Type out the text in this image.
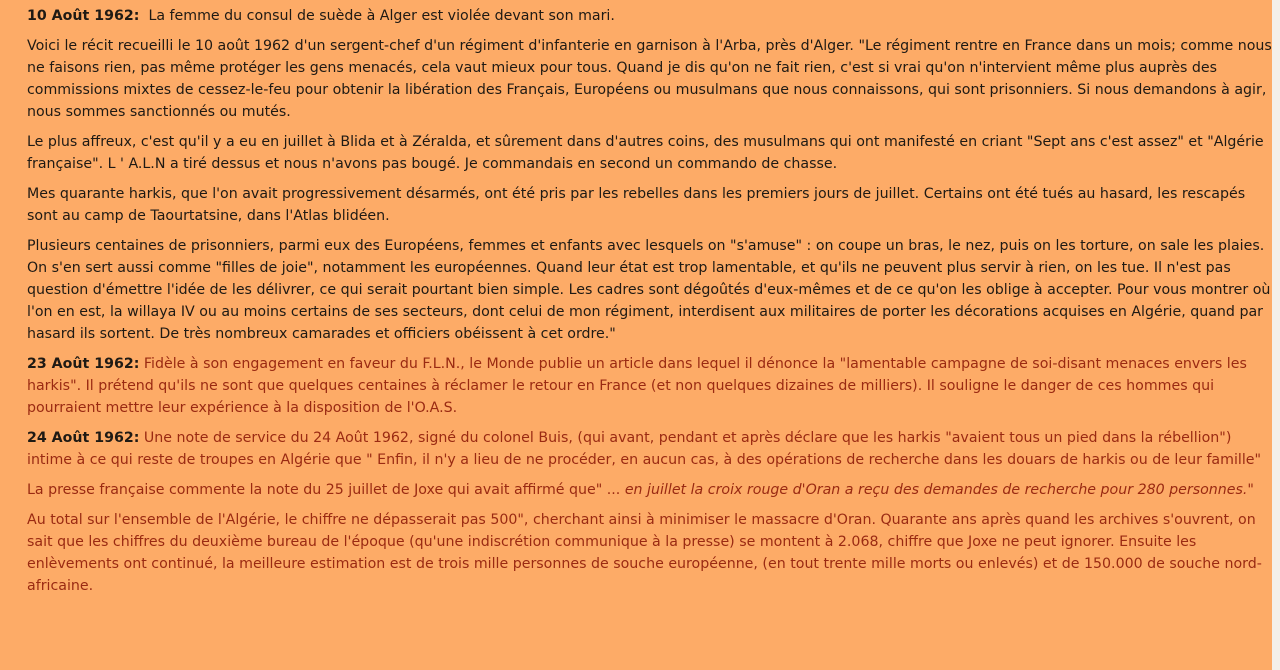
10 Août 1962: La femme du consul de suède à Alger est violée devant son mari.

Voici le récit recueilli le 10 août 1962 d'un sergent-chef d'un régiment d'infanterie en garnison à l'Arba, près d'Alger. "Le régiment rentre en France dans un mois; comme nous ne faisons rien, pas même protéger les gens menacés, cela vaut mieux pour tous. Quand je dis qu'on ne fait rien, c'est si vrai qu'on n'intervient même plus auprès des commissions mixtes de cessez-le-feu pour obtenir la libération des Français, Européens ou musulmans que nous connaissons, qui sont prisonniers. Si nous demandons à agir, nous sommes sanctionnés ou mutés.

Le plus affreux, c'est qu'il y a eu en juillet à Blida et à Zéralda, et sûrement dans d'autres coins, des musulmans qui ont manifesté en criant "Sept ans c'est assez" et "Algérie française". L ' A.L.N a tiré dessus et nous n'avons pas bougé. Je commandais en second un commando de chasse.

Mes quarante harkis, que l'on avait progressivement désarmés, ont été pris par les rebelles dans les premiers jours de juillet. Certains ont été tués au hasard, les rescapés sont au camp de Taourtatsine, dans l'Atlas blidéen.

Plusieurs centaines de prisonniers, parmi eux des Européens, femmes et enfants avec lesquels on "s'amuse" : on coupe un bras, le nez, puis on les torture, on sale les plaies. On s'en sert aussi comme "filles de joie", notamment les européennes. Quand leur état est trop lamentable, et qu'ils ne peuvent plus servir à rien, on les tue. Il n'est pas question d'émettre l'idée de les délivrer, ce qui serait pourtant bien simple. Les cadres sont dégoûtés d'eux-mêmes et de ce qu'on les oblige à accepter. Pour vous montrer où l'on en est, la willaya IV ou au moins certains de ses secteurs, dont celui de mon régiment, interdisent aux militaires de porter les décorations acquises en Algérie, quand par hasard ils sortent. De très nombreux camarades et officiers obéissent à cet ordre."

23 Août 1962: Fidèle à son engagement en faveur du F.L.N., le Monde publie un article dans lequel il dénonce la "lamentable campagne de soi-disant menaces envers les harkis". Il prétend qu'ils ne sont que quelques centaines à réclamer le retour en France (et non quelques dizaines de milliers). Il souligne le danger de ces hommes qui pourraient mettre leur expérience à la disposition de l'O.A.S.

24 Août 1962: Une note de service du 24 Août 1962, signé du colonel Buis, (qui avant, pendant et après déclare que les harkis "avaient tous un pied dans la rébellion") intime à ce qui reste de troupes en Algérie que " Enfin, il n'y a lieu de ne procéder, en aucun cas, à des opérations de recherche dans les douars de harkis ou de leur famille"

La presse française commente la note du 25 juillet de Joxe qui avait affirmé que" ... en juillet la croix rouge d'Oran a reçu des demandes de recherche pour 280 personnes."

Au total sur l'ensemble de l'Algérie, le chiffre ne dépasserait pas 500", cherchant ainsi à minimiser le massacre d'Oran. Quarante ans après quand les archives s'ouvrent, on sait que les chiffres du deuxième bureau de l'époque (qu'une indiscrétion communique à la presse) se montent à 2.068, chiffre que Joxe ne peut ignorer. Ensuite les enlèvements ont continué, la meilleure estimation est de trois mille personnes de souche européenne, (en tout trente mille morts ou enlevés) et de 150.000 de souche nord-africaine.
